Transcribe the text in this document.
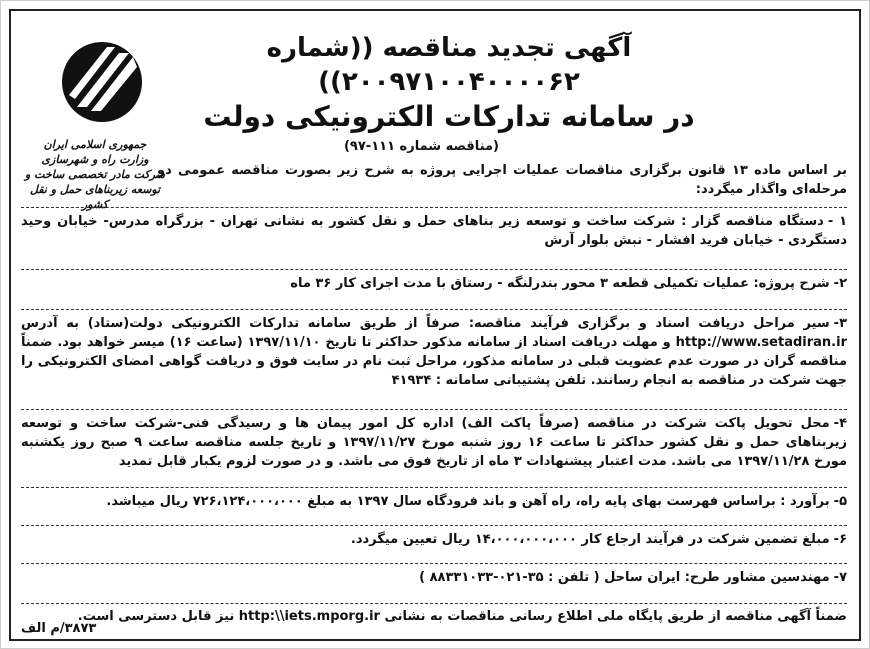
آگهی تجدید مناقصه ((شماره ۲۰۰۹۷۱۰۰۴۰۰۰۰۶۲))
در سامانه تدارکات الکترونیکی دولت
جمهوری اسلامی ایران
وزارت راه و شهرسازی
شرکت مادر تخصصی ساخت و توسعه زیربناهای حمل و نقل کشور
(مناقصه شماره ۱۱۱-۹۷)
بر اساس ماده ۱۳ قانون برگزاری مناقصات عملیات اجرایی پروژه به شرح زیر بصورت مناقصه عمومی دو مرحله‌ای واگذار میگردد:
۱ -دستگاه مناقصه گزار : شرکت ساخت و توسعه زیر بناهای حمل و نقل کشور به نشانی تهران - بزرگراه مدرس- خیابان وحید دستگردی - خیابان فرید افشار - نبش بلوار آرش
۲-شرح پروژه: عملیات تکمیلی قطعه ۳ محور بندرلنگه - رستاق با مدت اجرای کار ۳۶ ماه
۳-سیر مراحل دریافت اسناد و برگزاری فرآیند مناقصه: صرفاً از طریق سامانه تدارکات الکترونیکی دولت(ستاد) به آدرس http://www.setadiran.ir و مهلت دریافت اسناد از سامانه مذکور حداکثر تا تاریخ ۱۳۹۷/۱۱/۱۰ (ساعت ۱۶) میسر خواهد بود. ضمناً مناقصه گران در صورت عدم عضویت قبلی در سامانه مذکور، مراحل ثبت نام در سایت فوق و دریافت گواهی امضای الکترونیکی را جهت شرکت در مناقصه به انجام رسانند. تلفن پشتیبانی سامانه : ۴۱۹۳۴
۴-محل تحویل پاکت شرکت در مناقصه (صرفاً پاکت الف) اداره کل امور پیمان ها و رسیدگی فنی-شرکت ساخت و توسعه زیربناهای حمل و نقل کشور حداکثر تا ساعت ۱۶ روز شنبه مورخ ۱۳۹۷/۱۱/۲۷ و تاریخ جلسه مناقصه ساعت ۹ صبح روز یکشنبه مورخ ۱۳۹۷/۱۱/۲۸ می باشد. مدت اعتبار پیشنهادات ۳ ماه از تاریخ فوق می باشد. و در صورت لزوم یکبار قابل تمدید
۵-برآورد : براساس فهرست بهای پایه راه، راه آهن و باند فرودگاه سال ۱۳۹۷ به مبلغ ۷۲۶،۱۲۴،۰۰۰،۰۰۰ ریال میباشد.
۶-مبلغ تضمین شرکت در فرآیند ارجاع کار ۱۴،۰۰۰،۰۰۰،۰۰۰ ریال تعیین میگردد.
۷-مهندسین مشاور طرح: ایران ساحل ( تلفن : ۳۵-۰۲۱-۸۸۳۳۱۰۳۳ )
ضمناً آگهی مناقصه از طریق پایگاه ملی اطلاع رسانی مناقصات به نشانی http:\\iets.mporg.ir نیز قابل دسترسی است.
۳۸۷۳/م الف
